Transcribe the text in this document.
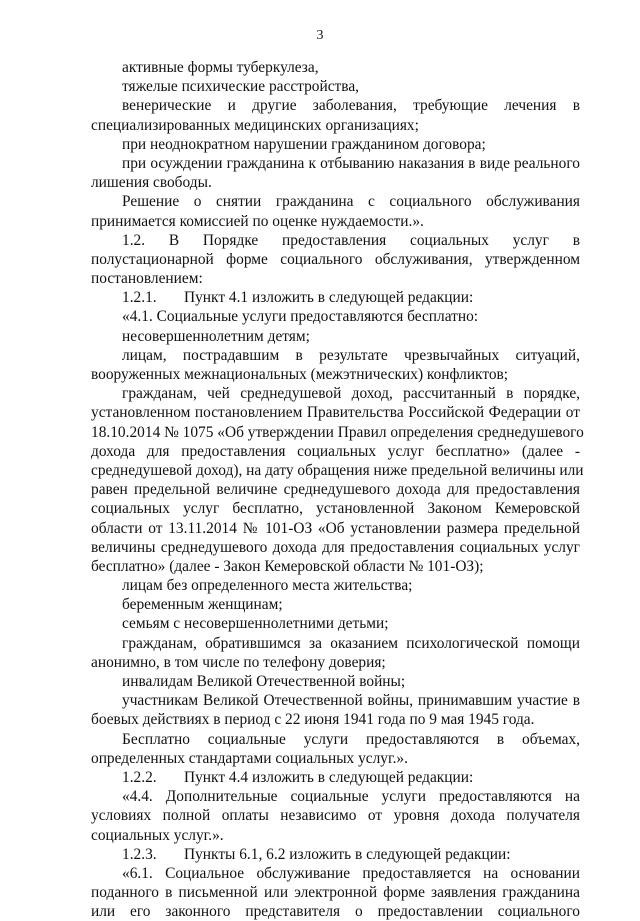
3
активные формы туберкулеза,
тяжелые психические расстройства,
венерические и другие заболевания, требующие лечения в
специализированных медицинских организациях;
при неоднократном нарушении гражданином договора;
при осуждении гражданина к отбыванию наказания в виде реального
лишения свободы.
Решение о снятии гражданина с социального обслуживания
принимается комиссией по оценке нуждаемости.».
1.2. В Порядке предоставления социальных услуг в
полустационарной форме социального обслуживания, утвержденном
постановлением:
1.2.1. Пункт 4.1 изложить в следующей редакции:
«4.1. Социальные услуги предоставляются бесплатно:
несовершеннолетним детям;
лицам, пострадавшим в результате чрезвычайных ситуаций,
вооруженных межнациональных (межэтнических) конфликтов;
гражданам, чей среднедушевой доход, рассчитанный в порядке,
установленном постановлением Правительства Российской Федерации от
18.10.2014 № 1075 «Об утверждении Правил определения среднедушевого
дохода для предоставления социальных услуг бесплатно» (далее -
среднедушевой доход), на дату обращения ниже предельной величины или
равен предельной величине среднедушевого дохода для предоставления
социальных услуг бесплатно, установленной Законом Кемеровской
области от 13.11.2014 № 101-ОЗ «Об установлении размера предельной
величины среднедушевого дохода для предоставления социальных услуг
бесплатно» (далее - Закон Кемеровской области № 101-ОЗ);
лицам без определенного места жительства;
беременным женщинам;
семьям с несовершеннолетними детьми;
гражданам, обратившимся за оказанием психологической помощи
анонимно, в том числе по телефону доверия;
инвалидам Великой Отечественной войны;
участникам Великой Отечественной войны, принимавшим участие в
боевых действиях в период с 22 июня 1941 года по 9 мая 1945 года.
Бесплатно социальные услуги предоставляются в объемах,
определенных стандартами социальных услуг.».
1.2.2. Пункт 4.4 изложить в следующей редакции:
«4.4. Дополнительные социальные услуги предоставляются на
условиях полной оплаты независимо от уровня дохода получателя
социальных услуг.».
1.2.3. Пункты 6.1, 6.2 изложить в следующей редакции:
«6.1. Социальное обслуживание предоставляется на основании
поданного в письменной или электронной форме заявления гражданина
или его законного представителя о предоставлении социального
